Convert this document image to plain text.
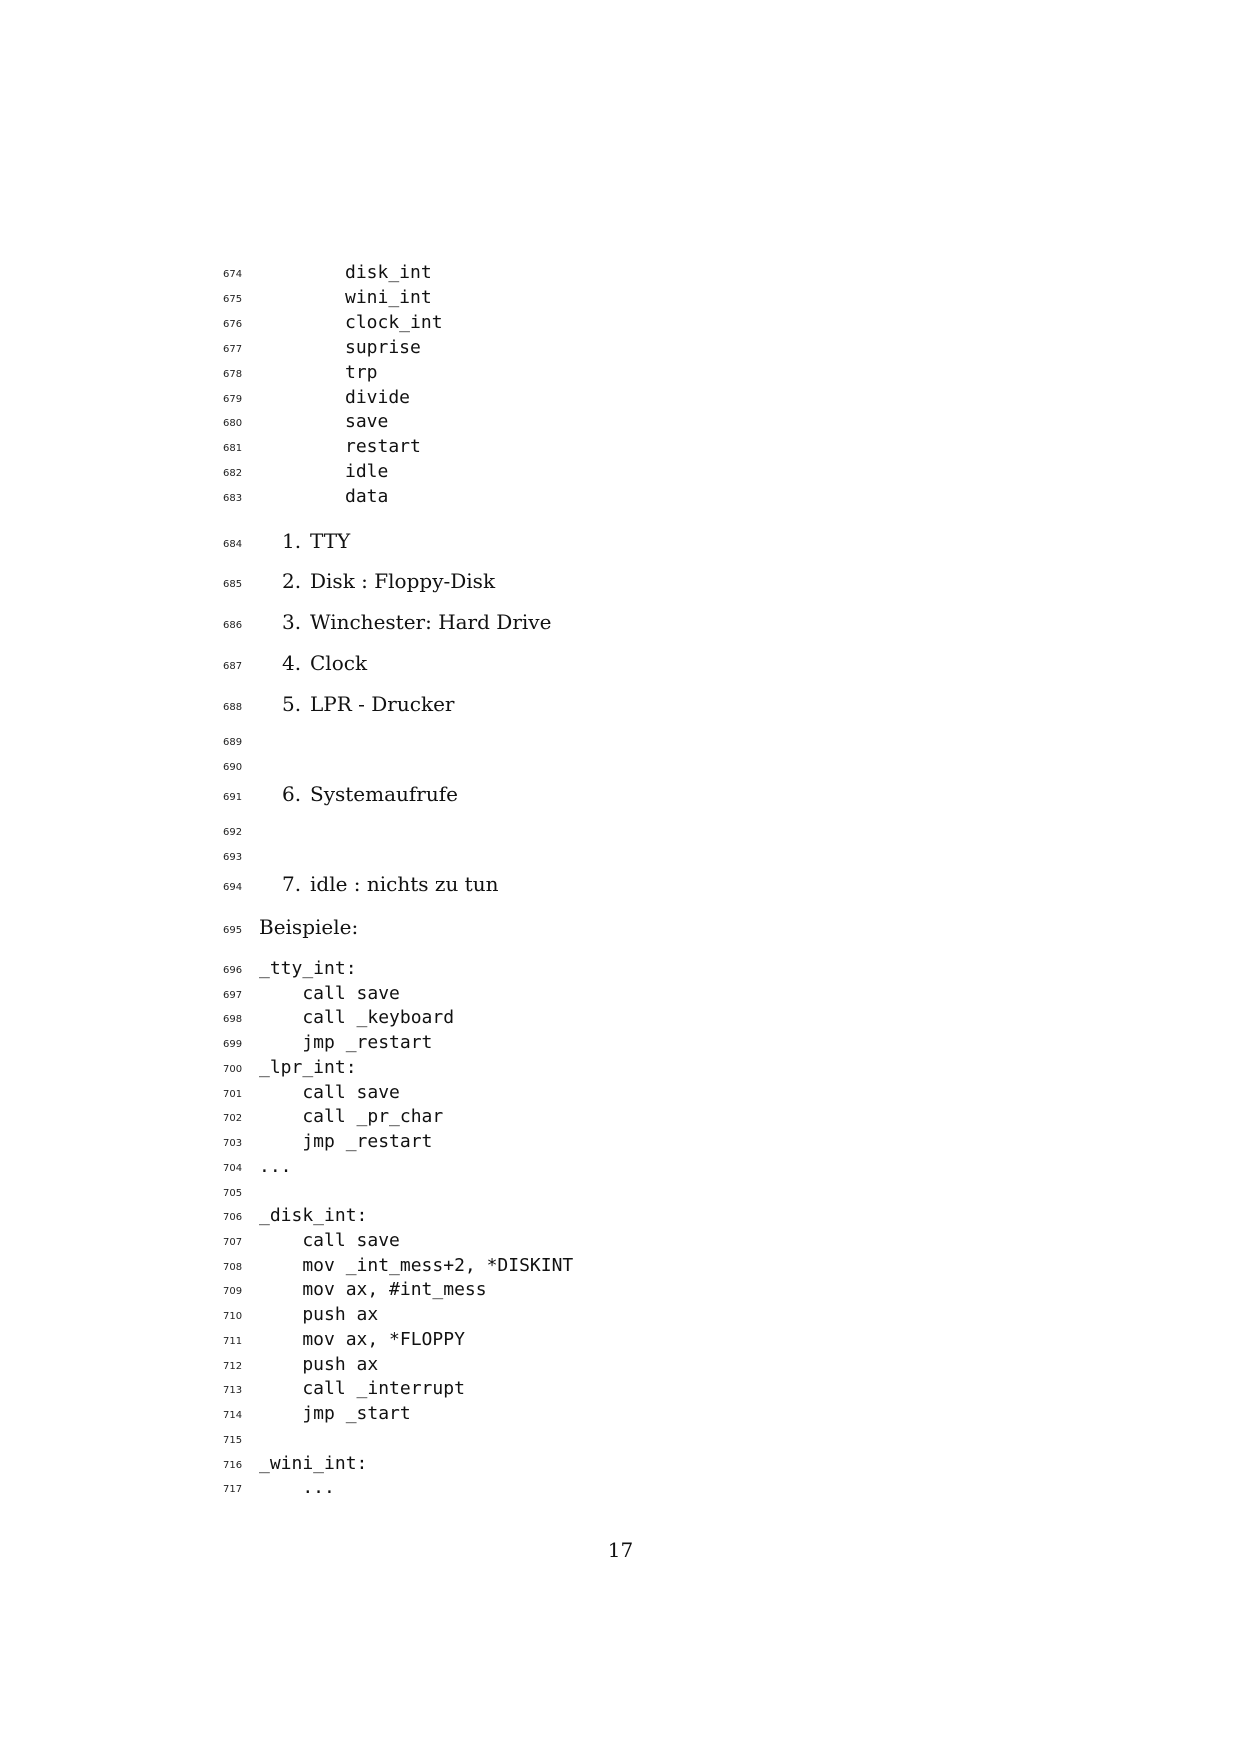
674	disk_int
675	wini_int
676	clock_int
677	suprise
678	trp
679	divide
680	save
681	restart
682	idle
683	data
684 1. TTY
685 2. Disk : Floppy-Disk
686 3. Winchester: Hard Drive
687 4. Clock
688 5. LPR - Drucker
689
690
691 6. Systemaufrufe
692
693
694 7. idle : nichts zu tun
695 Beispiele:
696 _tty_int:
697 call save
698 call _keyboard
699 jmp _restart
700 _lpr_int:
701 call save
702 call _pr_char
703 jmp _restart
704 ...
705
706 _disk_int:
707 call save
708 mov _int_mess+2, *DISKINT
709 mov ax, #int_mess
710 push ax
711 mov ax, *FLOPPY
712 push ax
713 call _interrupt
714 jmp _start
715
716 _wini_int:
717 ...
17
